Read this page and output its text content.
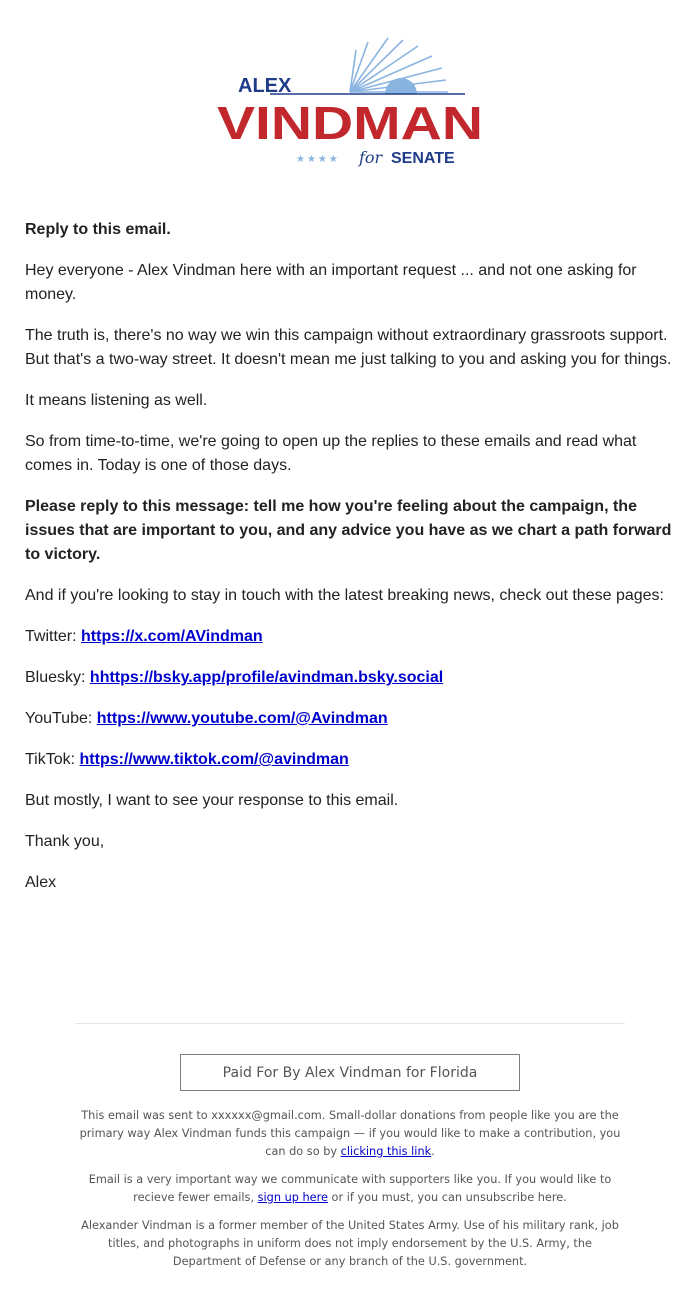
ALEX
VINDMAN
★★★★ for SENATE

Reply to this email.

Hey everyone - Alex Vindman here with an important request ... and not one asking for money.

The truth is, there's no way we win this campaign without extraordinary grassroots support. But that's a two-way street. It doesn't mean me just talking to you and asking you for things.

It means listening as well.

So from time-to-time, we're going to open up the replies to these emails and read what comes in. Today is one of those days.

Please reply to this message: tell me how you're feeling about the campaign, the issues that are important to you, and any advice you have as we chart a path forward to victory.

And if you're looking to stay in touch with the latest breaking news, check out these pages:

Twitter: https://x.com/AVindman

Bluesky: hhttps://bsky.app/profile/avindman.bsky.social

YouTube: https://www.youtube.com/@Avindman

TikTok: https://www.tiktok.com/@avindman

But mostly, I want to see your response to this email.

Thank you,

Alex

Paid For By Alex Vindman for Florida

This email was sent to xxxxxx@gmail.com. Small-dollar donations from people like you are the primary way Alex Vindman funds this campaign — if you would like to make a contribution, you can do so by clicking this link.

Email is a very important way we communicate with supporters like you. If you would like to recieve fewer emails, sign up here or if you must, you can unsubscribe here.

Alexander Vindman is a former member of the United States Army. Use of his military rank, job titles, and photographs in uniform does not imply endorsement by the U.S. Army, the Department of Defense or any branch of the U.S. government.
